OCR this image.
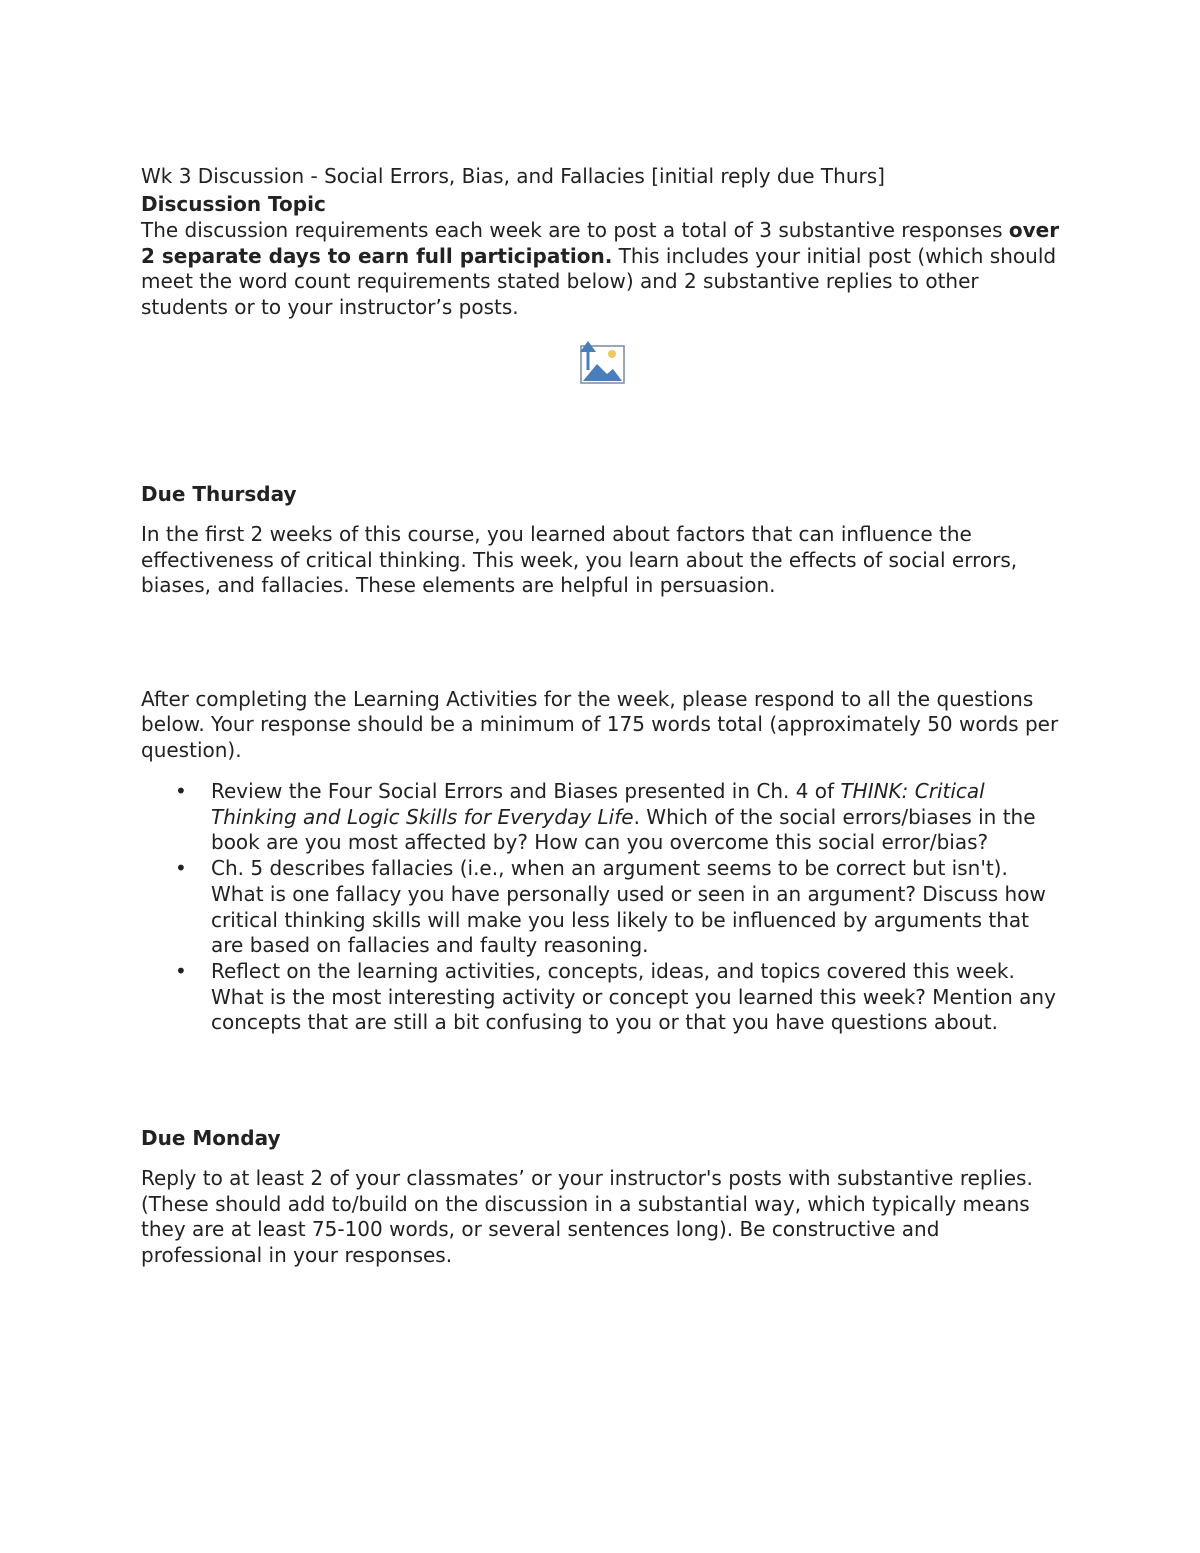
Wk 3 Discussion - Social Errors, Bias, and Fallacies [initial reply due Thurs]

Discussion Topic

The discussion requirements each week are to post a total of 3 substantive responses over 2 separate days to earn full participation. This includes your initial post (which should meet the word count requirements stated below) and 2 substantive replies to other students or to your instructor’s posts.

Due Thursday

In the first 2 weeks of this course, you learned about factors that can influence the effectiveness of critical thinking. This week, you learn about the effects of social errors, biases, and fallacies. These elements are helpful in persuasion.

After completing the Learning Activities for the week, please respond to all the questions below. Your response should be a minimum of 175 words total (approximately 50 words per question).

• Review the Four Social Errors and Biases presented in Ch. 4 of THINK: Critical Thinking and Logic Skills for Everyday Life. Which of the social errors/biases in the book are you most affected by? How can you overcome this social error/bias?
• Ch. 5 describes fallacies (i.e., when an argument seems to be correct but isn't). What is one fallacy you have personally used or seen in an argument? Discuss how critical thinking skills will make you less likely to be influenced by arguments that are based on fallacies and faulty reasoning.
• Reflect on the learning activities, concepts, ideas, and topics covered this week. What is the most interesting activity or concept you learned this week? Mention any concepts that are still a bit confusing to you or that you have questions about.

Due Monday

Reply to at least 2 of your classmates’ or your instructor's posts with substantive replies. (These should add to/build on the discussion in a substantial way, which typically means they are at least 75-100 words, or several sentences long). Be constructive and professional in your responses.
